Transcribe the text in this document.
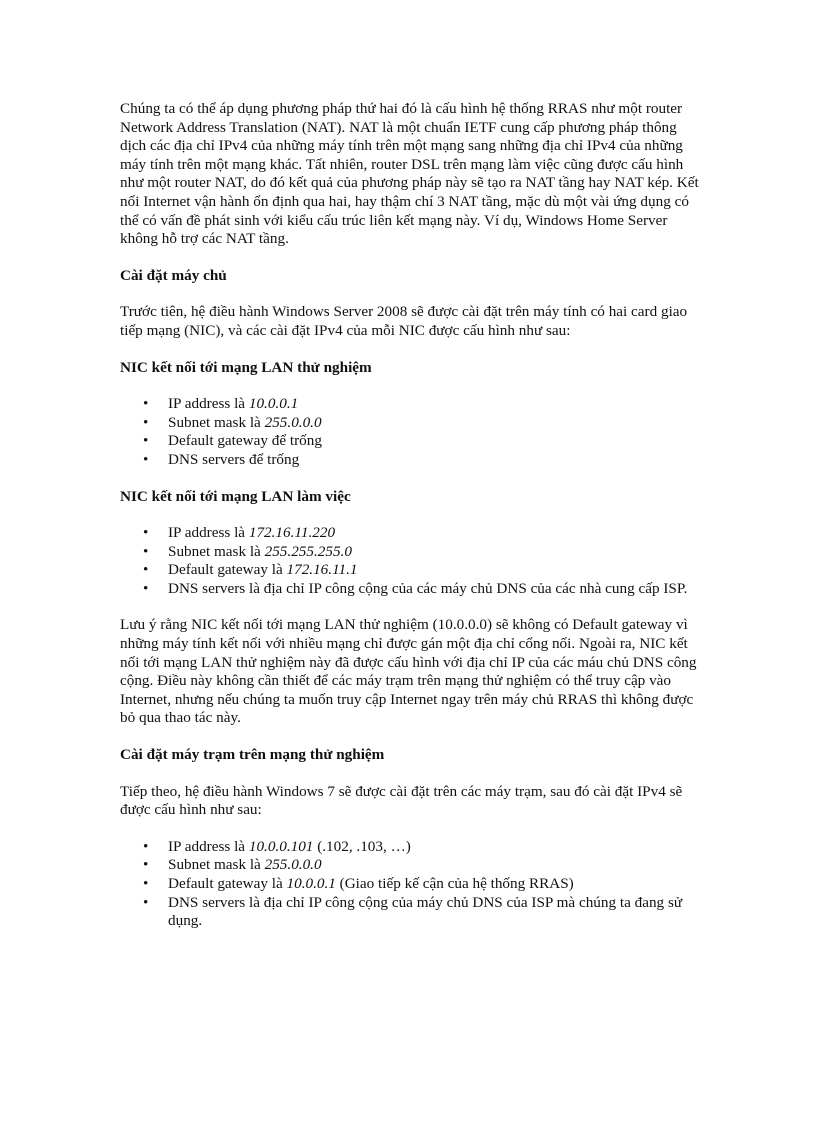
Chúng ta có thể áp dụng phương pháp thứ hai đó là cấu hình hệ thống RRAS như một router Network Address Translation (NAT). NAT là một chuẩn IETF cung cấp phương pháp thông dịch các địa chỉ IPv4 của những máy tính trên một mạng sang những địa chỉ IPv4 của những máy tính trên một mạng khác. Tất nhiên, router DSL trên mạng làm việc cũng được cấu hình như một router NAT, do đó kết quả của phương pháp này sẽ tạo ra NAT tầng hay NAT kép. Kết nối Internet vận hành ổn định qua hai, hay thậm chí 3 NAT tầng, mặc dù một vài ứng dụng có thể có vấn đề phát sinh với kiểu cấu trúc liên kết mạng này. Ví dụ, Windows Home Server không hỗ trợ các NAT tầng.

Cài đặt máy chủ

Trước tiên, hệ điều hành Windows Server 2008 sẽ được cài đặt trên máy tính có hai card giao tiếp mạng (NIC), và các cài đặt IPv4 của mỗi NIC được cấu hình như sau:

NIC kết nối tới mạng LAN thử nghiệm
• IP address là 10.0.0.1
• Subnet mask là 255.0.0.0
• Default gateway để trống
• DNS servers để trống
NIC kết nối tới mạng LAN làm việc
• IP address là 172.16.11.220
• Subnet mask là 255.255.255.0
• Default gateway là 172.16.11.1
• DNS servers là địa chỉ IP công cộng của các máy chủ DNS của các nhà cung cấp ISP.

Lưu ý rằng NIC kết nối tới mạng LAN thử nghiệm (10.0.0.0) sẽ không có Default gateway vì những máy tính kết nối với nhiều mạng chỉ được gán một địa chỉ cổng nối. Ngoài ra, NIC kết nối tới mạng LAN thử nghiệm này đã được cấu hình với địa chỉ IP của các máu chủ DNS công cộng. Điều này không cần thiết để các máy trạm trên mạng thử nghiệm có thể truy cập vào Internet, nhưng nếu chúng ta muốn truy cập Internet ngay trên máy chủ RRAS thì không được bỏ qua thao tác này.

Cài đặt máy trạm trên mạng thử nghiệm

Tiếp theo, hệ điều hành Windows 7 sẽ được cài đặt trên các máy trạm, sau đó cài đặt IPv4 sẽ được cấu hình như sau:

• IP address là 10.0.0.101 (.102, .103, …)
• Subnet mask là 255.0.0.0
• Default gateway là 10.0.0.1 (Giao tiếp kế cận của hệ thống RRAS)
• DNS servers là địa chỉ IP công cộng của máy chủ DNS của ISP mà chúng ta đang sử dụng.
